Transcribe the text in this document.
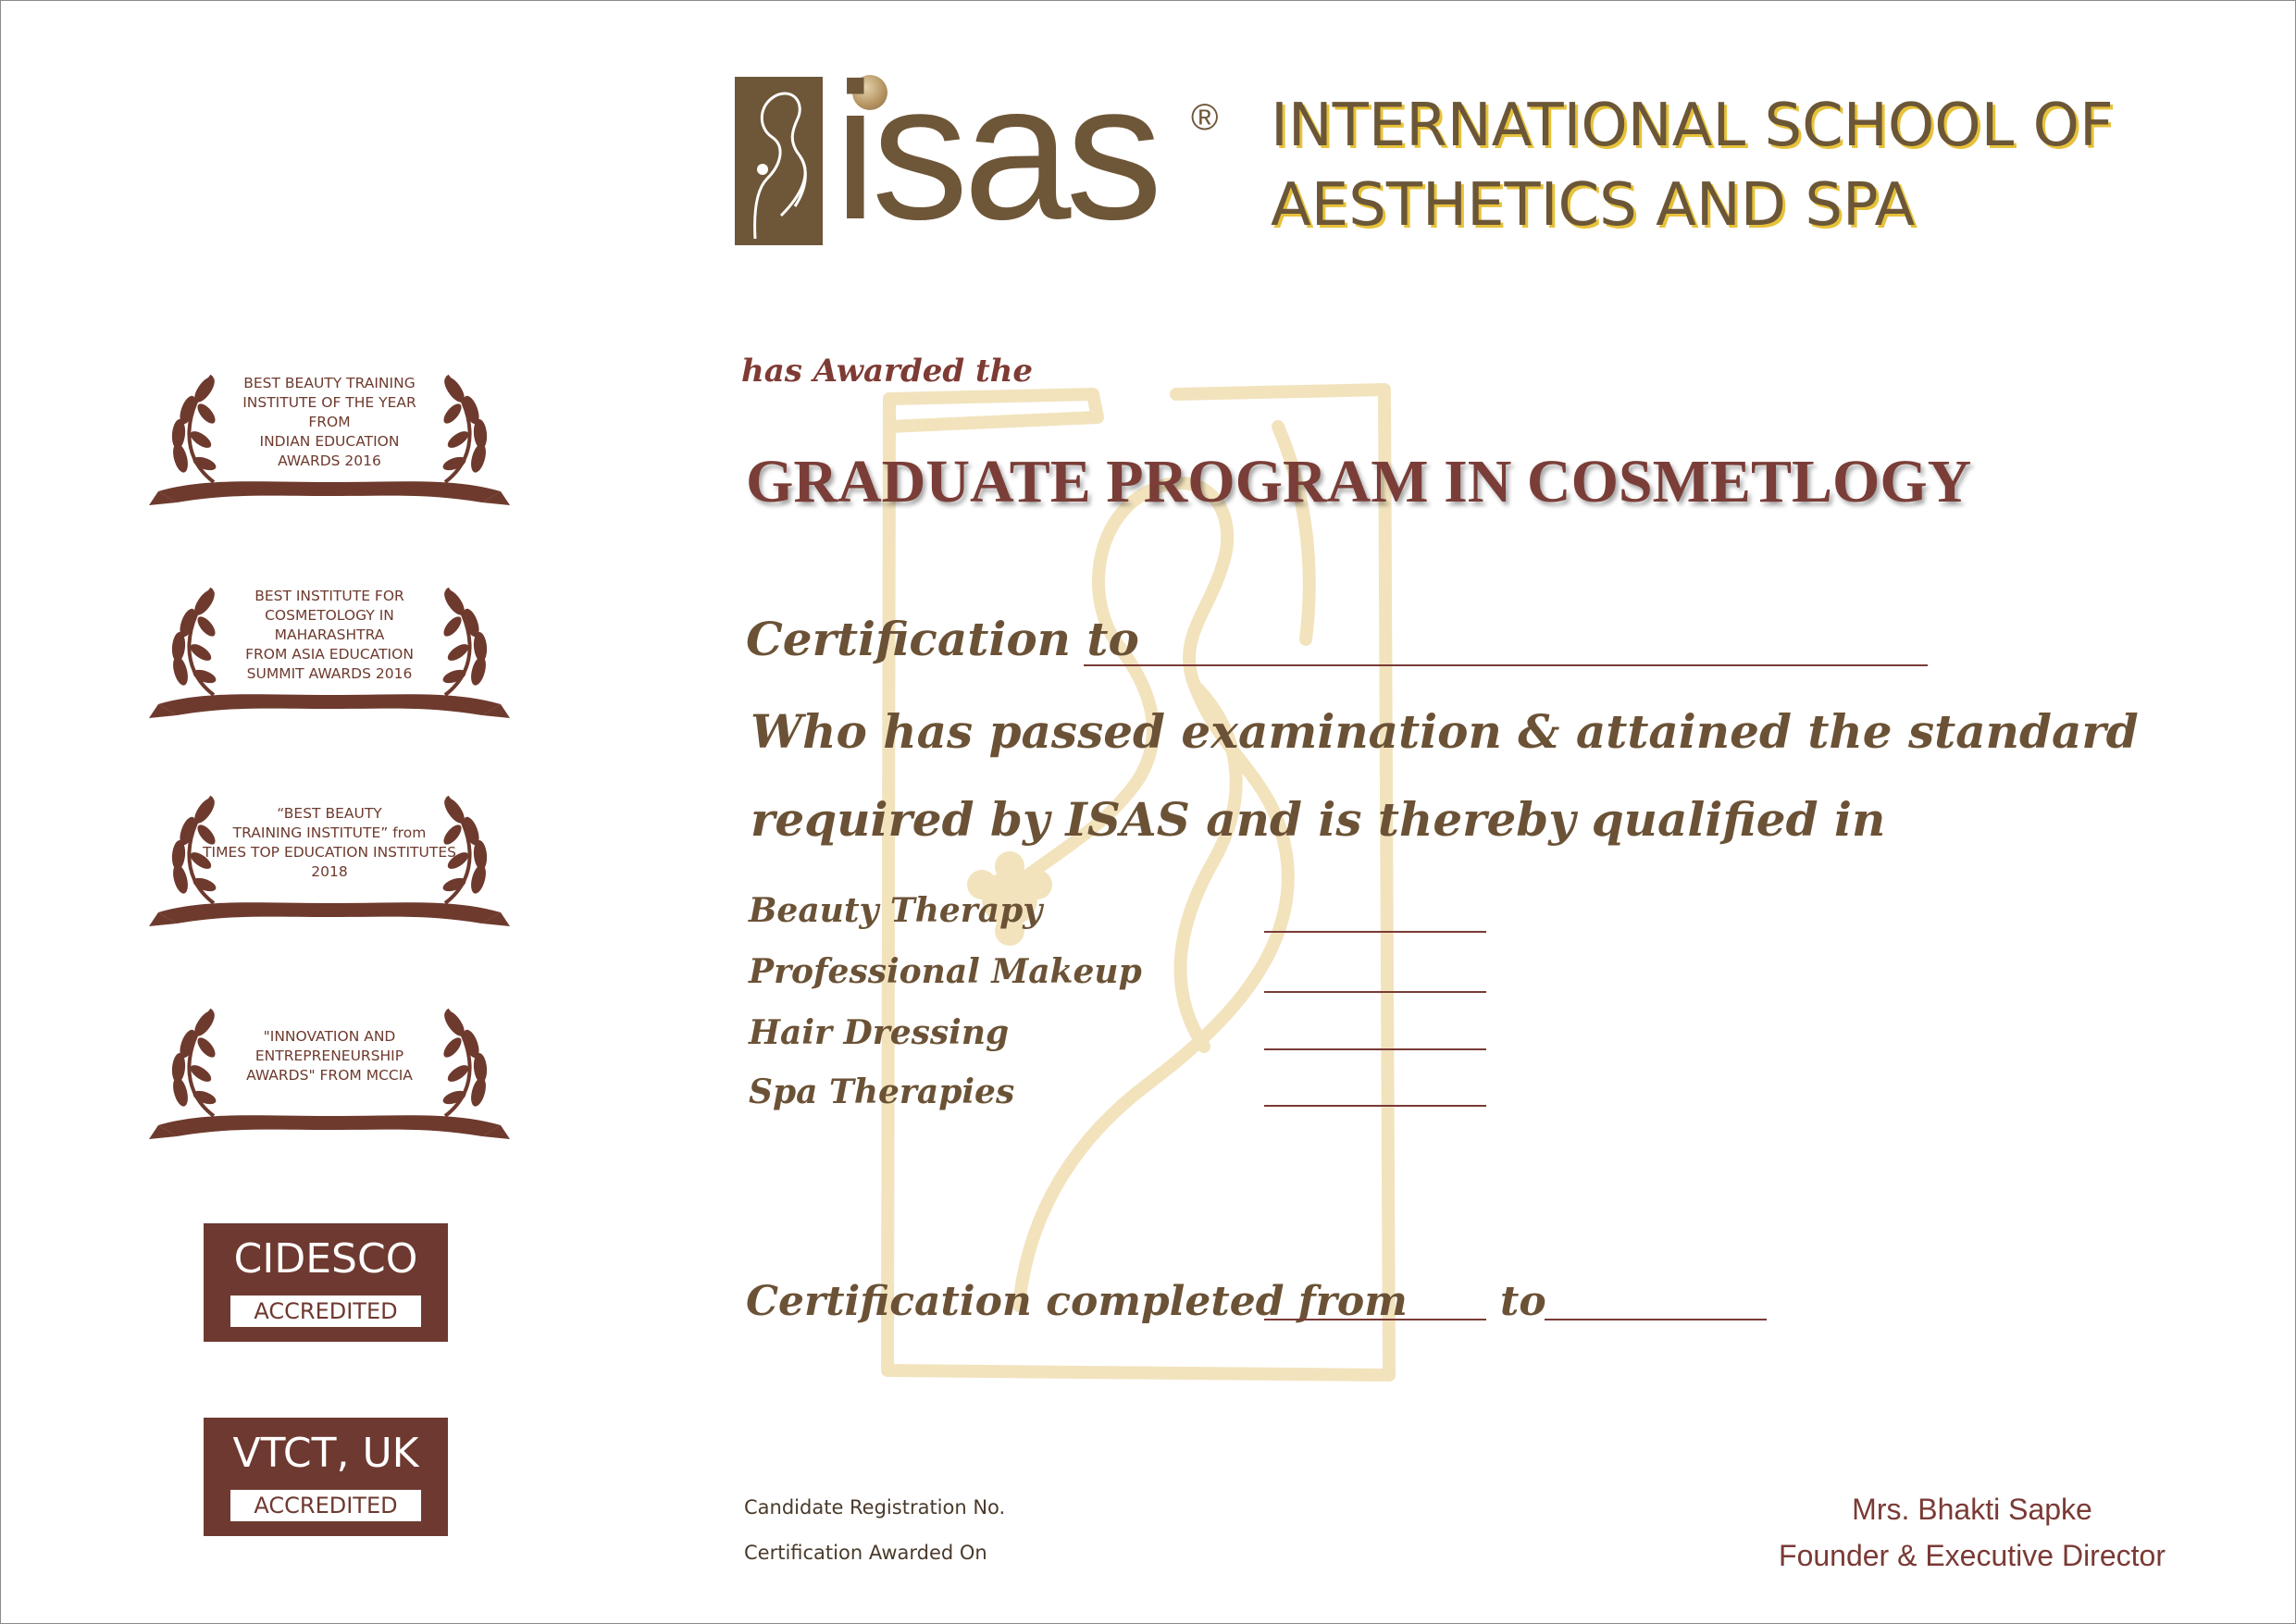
isas ® INTERNATIONAL SCHOOL OF
AESTHETICS AND SPA
has Awarded the
GRADUATE PROGRAM IN COSMETLOGY
Certification to
Who has passed examination & attained the standard
required by ISAS and is thereby qualified in
Beauty Therapy
Professional Makeup
Hair Dressing
Spa Therapies
Certification completed from to
Candidate Registration No.
Certification Awarded On
Mrs. Bhakti Sapke
Founder & Executive Director
BEST BEAUTY TRAINING
INSTITUTE OF THE YEAR
FROM
INDIAN EDUCATION
AWARDS 2016
BEST INSTITUTE FOR
COSMETOLOGY IN
MAHARASHTRA
FROM ASIA EDUCATION
SUMMIT AWARDS 2016
“BEST BEAUTY
TRAINING INSTITUTE” from
TIMES TOP EDUCATION INSTITUTES
2018
"INNOVATION AND
ENTREPRENEURSHIP
AWARDS" FROM MCCIA
CIDESCO
ACCREDITED
VTCT, UK
ACCREDITED
